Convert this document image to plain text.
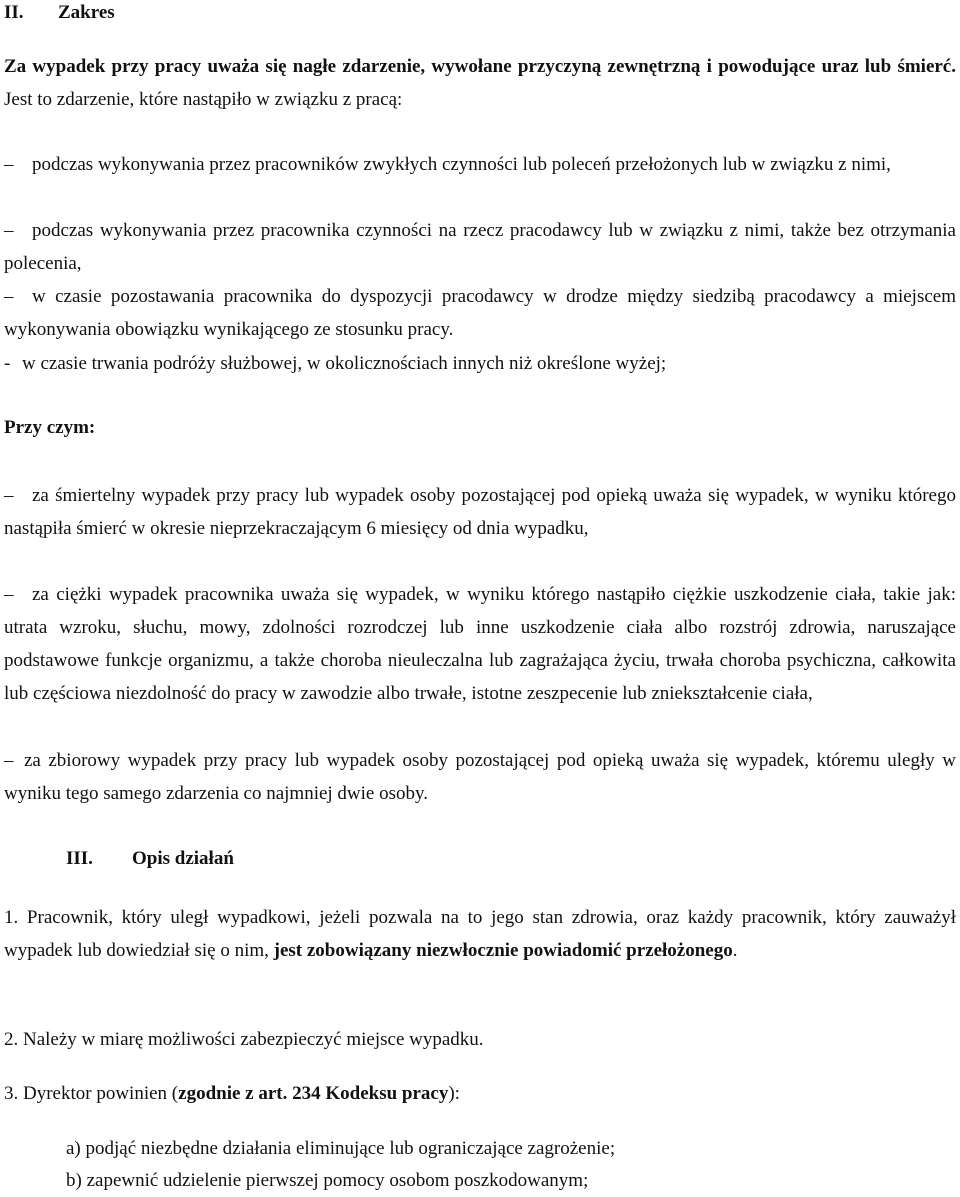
II.	Zakres

Za wypadek przy pracy uważa się nagłe zdarzenie, wywołane przyczyną zewnętrzną i powodujące uraz lub śmierć. Jest to zdarzenie, które nastąpiło w związku z pracą:

– podczas wykonywania przez pracowników zwykłych czynności lub poleceń przełożonych lub w związku z nimi,

– podczas wykonywania przez pracownika czynności na rzecz pracodawcy lub w związku z nimi, także bez otrzymania polecenia,

– w czasie pozostawania pracownika do dyspozycji pracodawcy w drodze między siedzibą pracodawcy a miejscem wykonywania obowiązku wynikającego ze stosunku pracy.

- w czasie trwania podróży służbowej, w okolicznościach innych niż określone wyżej;

Przy czym:

– za śmiertelny wypadek przy pracy lub wypadek osoby pozostającej pod opieką uważa się wypadek, w wyniku którego nastąpiła śmierć w okresie nieprzekraczającym 6 miesięcy od dnia wypadku,

– za ciężki wypadek pracownika uważa się wypadek, w wyniku którego nastąpiło ciężkie uszkodzenie ciała, takie jak: utrata wzroku, słuchu, mowy, zdolności rozrodczej lub inne uszkodzenie ciała albo rozstrój zdrowia, naruszające podstawowe funkcje organizmu, a także choroba nieuleczalna lub zagrażająca życiu, trwała choroba psychiczna, całkowita lub częściowa niezdolność do pracy w zawodzie albo trwałe, istotne zeszpecenie lub zniekształcenie ciała,

– za zbiorowy wypadek przy pracy lub wypadek osoby pozostającej pod opieką uważa się wypadek, któremu uległy w wyniku tego samego zdarzenia co najmniej dwie osoby.

III.	Opis działań

1. Pracownik, który uległ wypadkowi, jeżeli pozwala na to jego stan zdrowia, oraz każdy pracownik, który zauważył wypadek lub dowiedział się o nim, jest zobowiązany niezwłocznie powiadomić przełożonego.

2. Należy w miarę możliwości zabezpieczyć miejsce wypadku.

3. Dyrektor powinien (zgodnie z art. 234 Kodeksu pracy):

a) podjąć niezbędne działania eliminujące lub ograniczające zagrożenie;

b) zapewnić udzielenie pierwszej pomocy osobom poszkodowanym;
